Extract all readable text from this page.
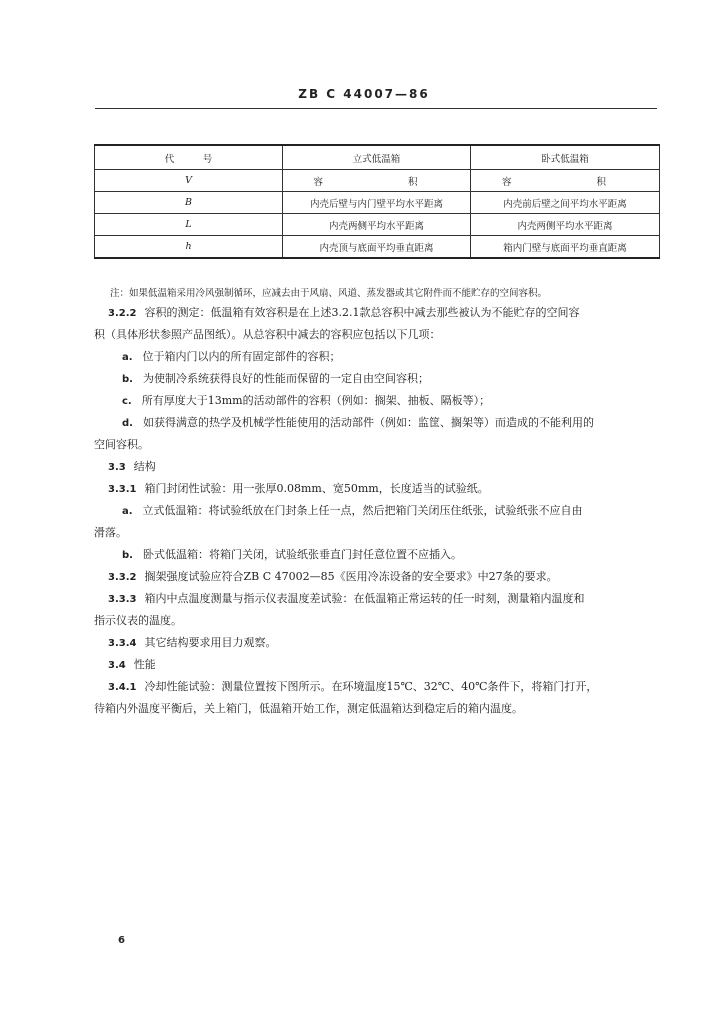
ZB C 44007—86
代　　　号	立式低温箱	卧式低温箱
V	容　　积	容　　积
B	内壳后壁与内门壁平均水平距离	内壳前后壁之间平均水平距离
L	内壳两侧平均水平距离	内壳两侧平均水平距离
h	内壳顶与底面平均垂直距离	箱内门壁与底面平均垂直距离
注：如果低温箱采用冷风强制循环，应减去由于风扇、风道、蒸发器或其它附件而不能贮存的空间容积。
3.2.2 容积的测定：低温箱有效容积是在上述3.2.1款总容积中减去那些被认为不能贮存的空间容
积（具体形状参照产品图纸）。从总容积中减去的容积应包括以下几项：
a. 位于箱内门以内的所有固定部件的容积；
b. 为使制冷系统获得良好的性能而保留的一定自由空间容积；
c. 所有厚度大于13mm的活动部件的容积（例如：搁架、抽板、隔板等）；
d. 如获得满意的热学及机械学性能使用的活动部件（例如：监筐、搁架等）而造成的不能利用的
空间容积。
3.3 结构
3.3.1 箱门封闭性试验：用一张厚0.08mm、宽50mm，长度适当的试验纸。
a. 立式低温箱：将试验纸放在门封条上任一点，然后把箱门关闭压住纸张，试验纸张不应自由
滑落。
b. 卧式低温箱：将箱门关闭，试验纸张垂直门封任意位置不应插入。
3.3.2 搁架强度试验应符合ZB C 47002—85《医用冷冻设备的安全要求》中27条的要求。
3.3.3 箱内中点温度测量与指示仪表温度差试验：在低温箱正常运转的任一时刻，测量箱内温度和
指示仪表的温度。
3.3.4 其它结构要求用目力观察。
3.4 性能
3.4.1 冷却性能试验：测量位置按下图所示。在环境温度15℃、32℃、40℃条件下，将箱门打开，
待箱内外温度平衡后，关上箱门，低温箱开始工作，测定低温箱达到稳定后的箱内温度。
6
